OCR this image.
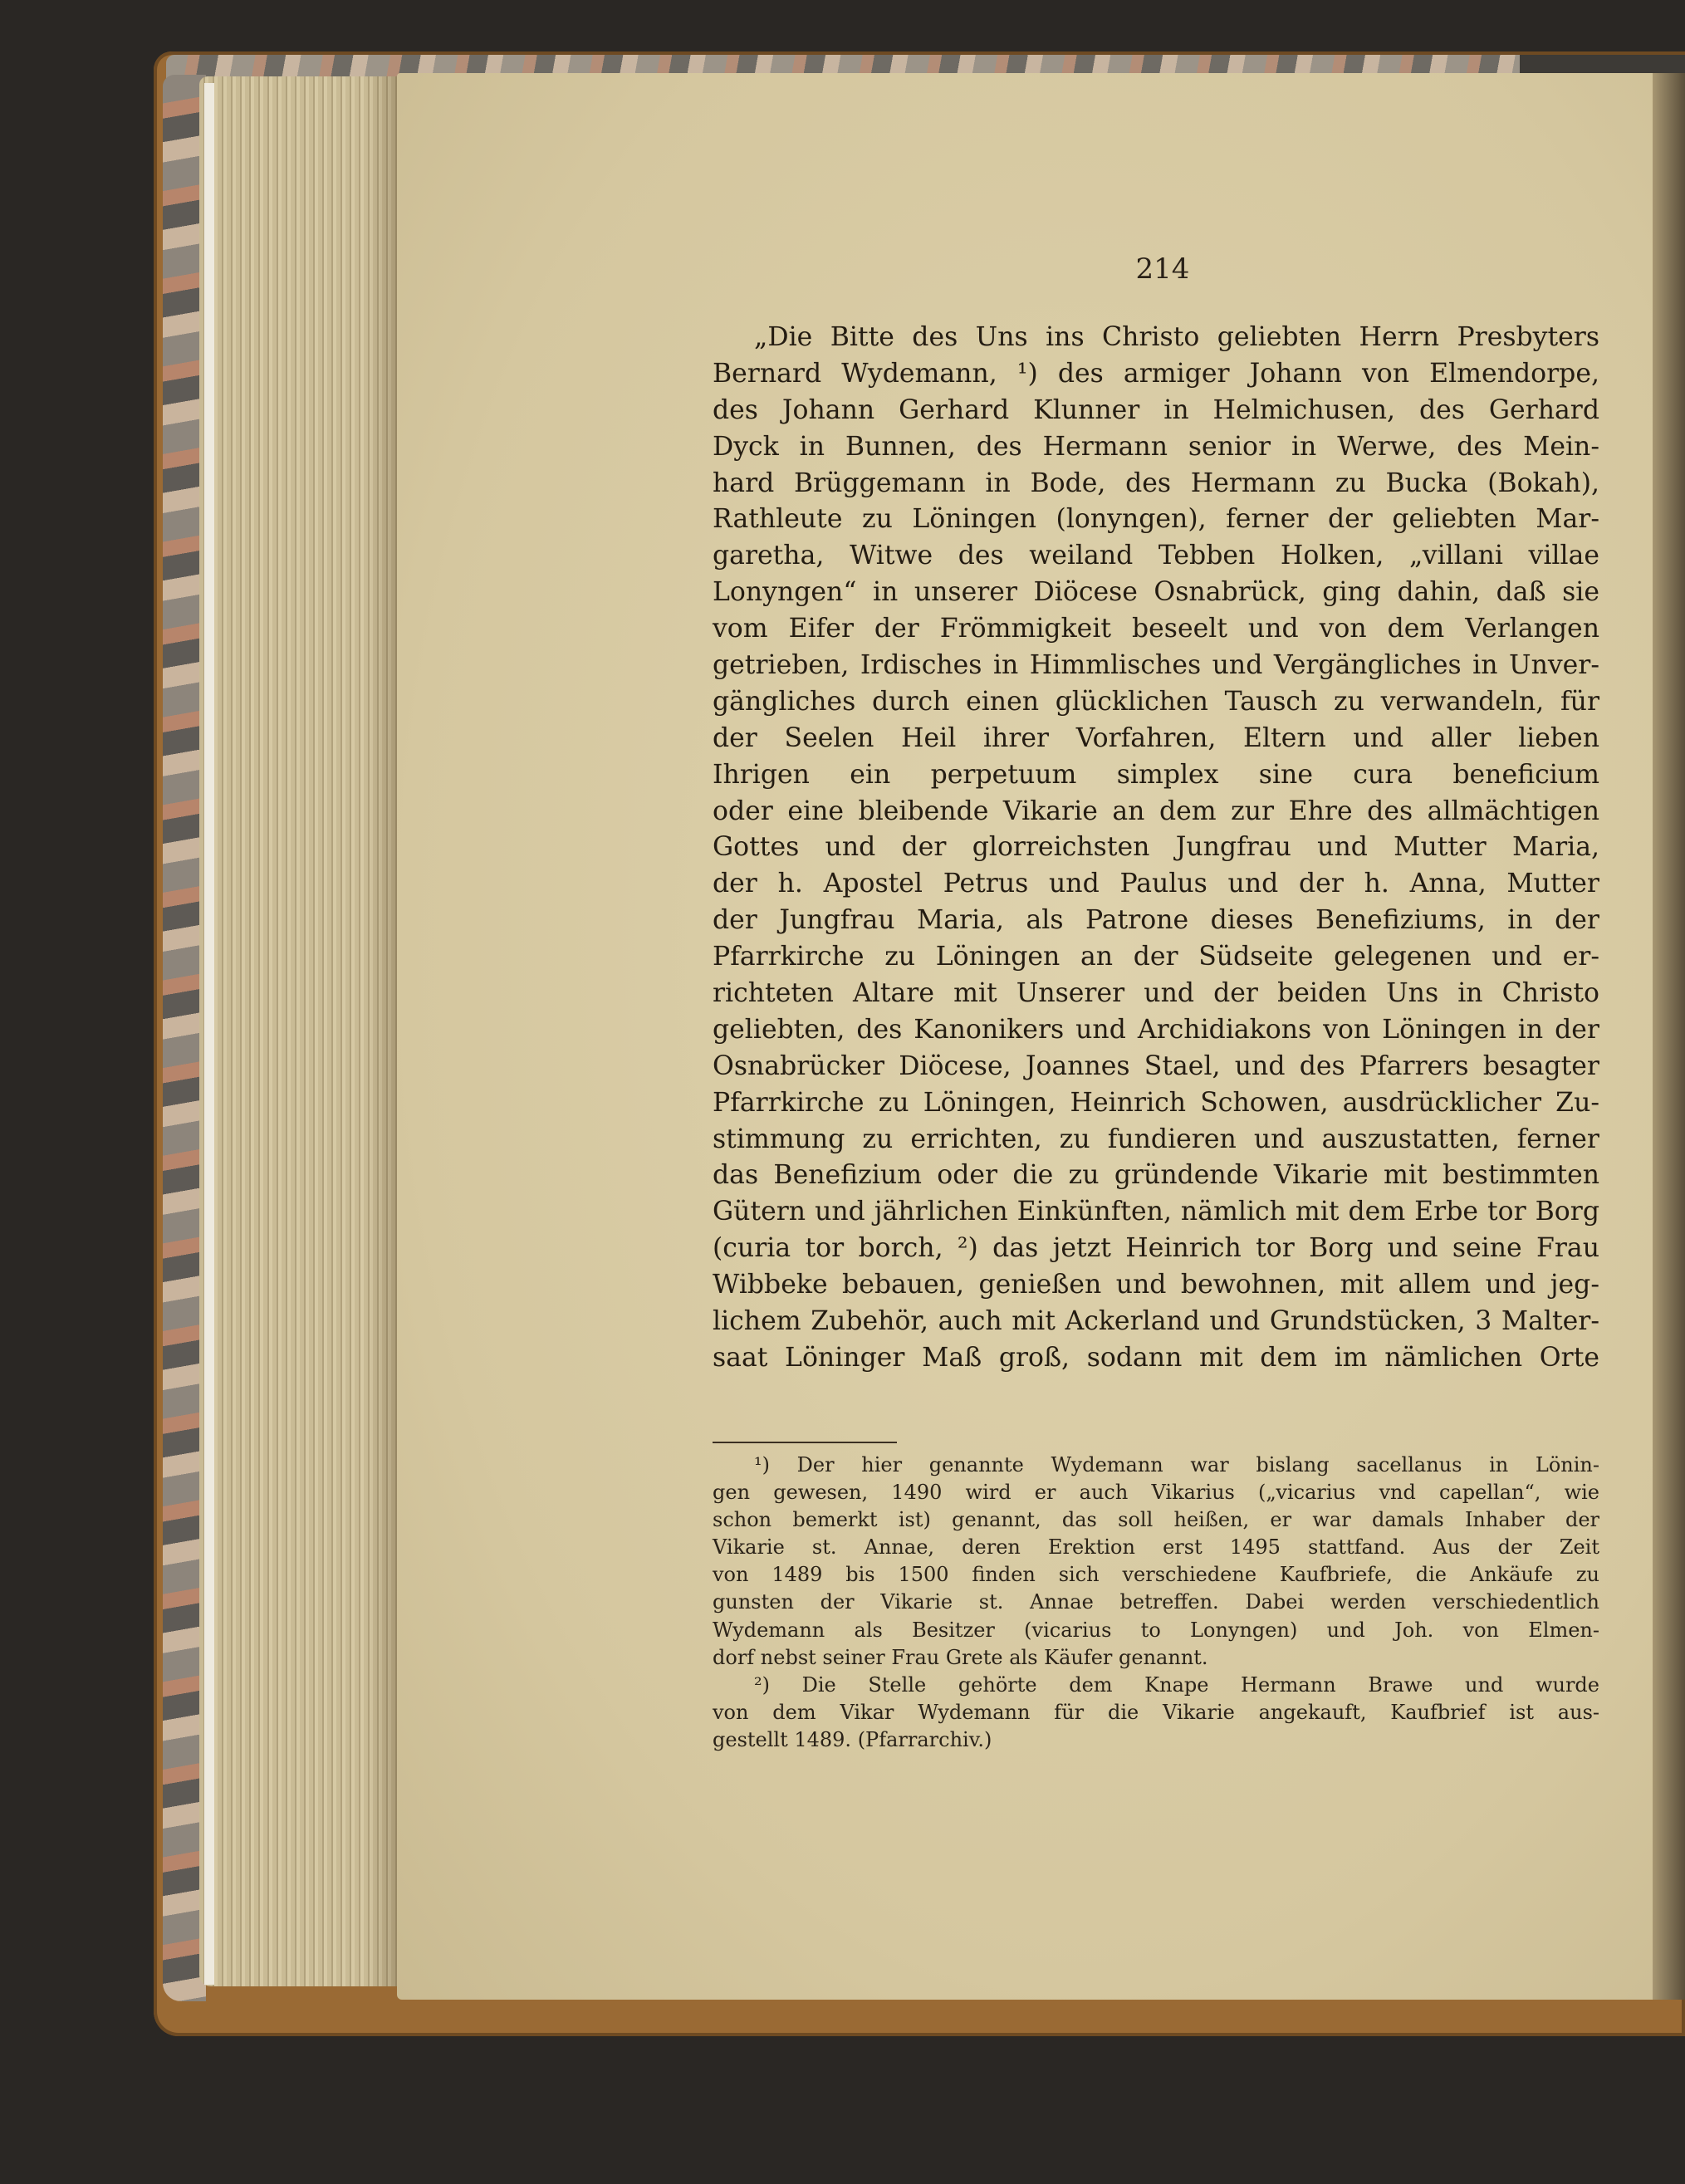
214
„Die Bitte des Uns ins Christo geliebten Herrn Presbyters
Bernard Wydemann, ¹) des armiger Johann von Elmendorpe,
des Johann Gerhard Klunner in Helmichusen, des Gerhard
Dyck in Bunnen, des Hermann senior in Werwe, des Mein-
hard Brüggemann in Bode, des Hermann zu Bucka (Bokah),
Rathleute zu Löningen (lonyngen), ferner der geliebten Mar-
garetha, Witwe des weiland Tebben Holken, „villani villae
Lonyngen“ in unserer Diöcese Osnabrück, ging dahin, daß sie
vom Eifer der Frömmigkeit beseelt und von dem Verlangen
getrieben, Irdisches in Himmlisches und Vergängliches in Unver-
gängliches durch einen glücklichen Tausch zu verwandeln, für
der Seelen Heil ihrer Vorfahren, Eltern und aller lieben
Ihrigen ein perpetuum simplex sine cura beneficium
oder eine bleibende Vikarie an dem zur Ehre des allmächtigen
Gottes und der glorreichsten Jungfrau und Mutter Maria,
der h. Apostel Petrus und Paulus und der h. Anna, Mutter
der Jungfrau Maria, als Patrone dieses Benefiziums, in der
Pfarrkirche zu Löningen an der Südseite gelegenen und er-
richteten Altare mit Unserer und der beiden Uns in Christo
geliebten, des Kanonikers und Archidiakons von Löningen in der
Osnabrücker Diöcese, Joannes Stael, und des Pfarrers besagter
Pfarrkirche zu Löningen, Heinrich Schowen, ausdrücklicher Zu-
stimmung zu errichten, zu fundieren und auszustatten, ferner
das Benefizium oder die zu gründende Vikarie mit bestimmten
Gütern und jährlichen Einkünften, nämlich mit dem Erbe tor Borg
(curia tor borch, ²) das jetzt Heinrich tor Borg und seine Frau
Wibbeke bebauen, genießen und bewohnen, mit allem und jeg-
lichem Zubehör, auch mit Ackerland und Grundstücken, 3 Malter-
saat Löninger Maß groß, sodann mit dem im nämlichen Orte
¹) Der hier genannte Wydemann war bislang sacellanus in Lönin-
gen gewesen, 1490 wird er auch Vikarius („vicarius vnd capellan“, wie
schon bemerkt ist) genannt, das soll heißen, er war damals Inhaber der
Vikarie st. Annae, deren Erektion erst 1495 stattfand. Aus der Zeit
von 1489 bis 1500 finden sich verschiedene Kaufbriefe, die Ankäufe zu
gunsten der Vikarie st. Annae betreffen. Dabei werden verschiedentlich
Wydemann als Besitzer (vicarius to Lonyngen) und Joh. von Elmen-
dorf nebst seiner Frau Grete als Käufer genannt.
²) Die Stelle gehörte dem Knape Hermann Brawe und wurde
von dem Vikar Wydemann für die Vikarie angekauft, Kaufbrief ist aus-
gestellt 1489. (Pfarrarchiv.)
